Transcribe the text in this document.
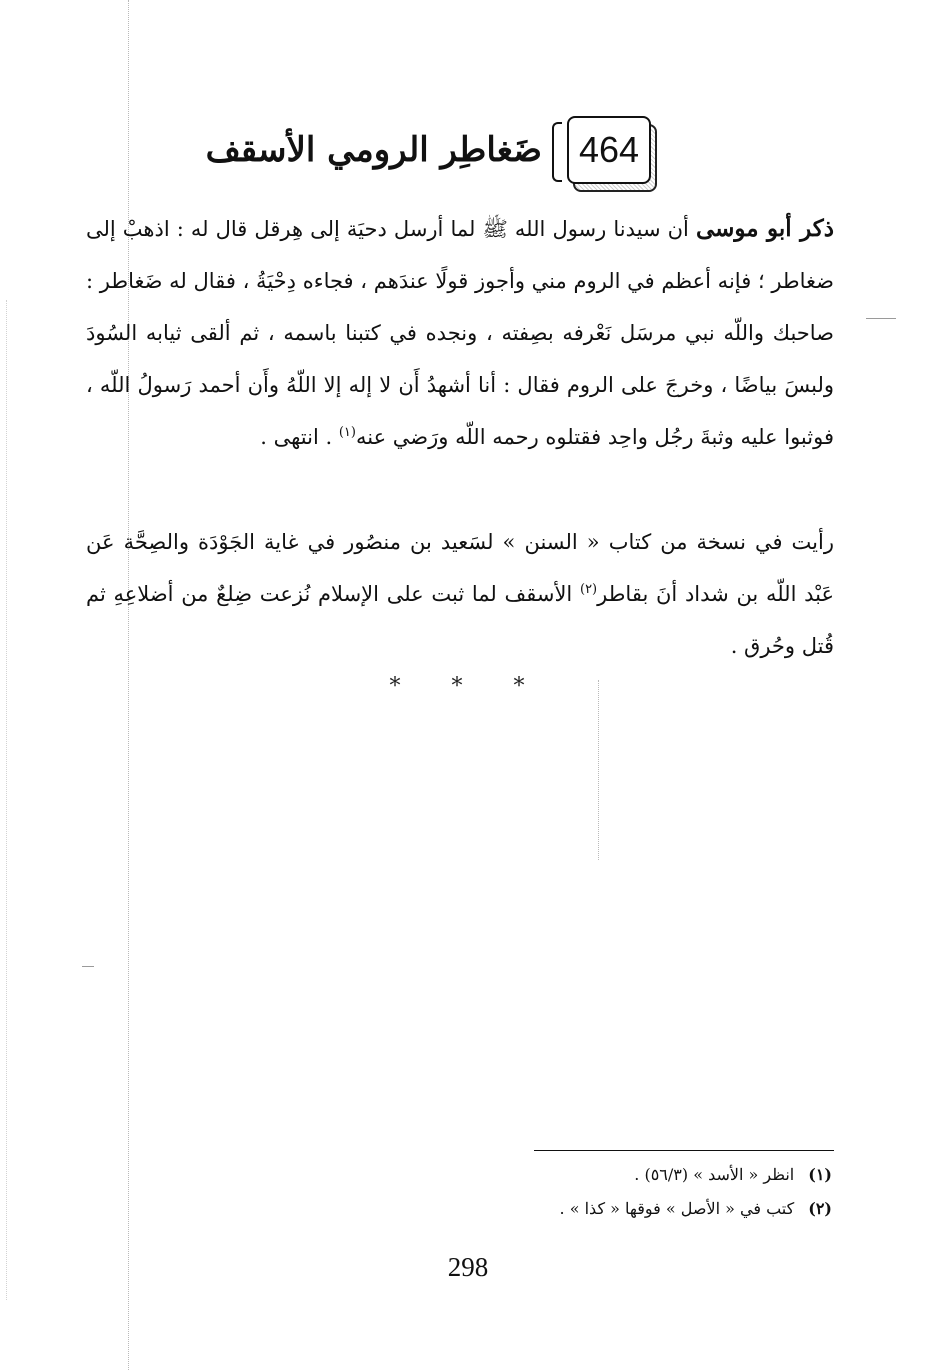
464
ضَغاطِر الرومي الأسقف
ذكر أبو موسى أن سيدنا رسول الله ﷺ لما أرسل دحيَة إلى هِرقل قال له : اذهبْ إلى ضغاطر ؛ فإنه أعظم في الروم مني وأجوز قولًا عندَهم ، فجاءه دِحْيَةُ ، فقال له ضَغاطر : صاحبك واللّه نبي مرسَل نَعْرفه بصِفته ، ونجده في كتبنا باسمه ، ثم ألقى ثيابه السُودَ ولبسَ بياضًا ، وخرجَ على الروم فقال : أنا أشهدُ أَن لا إله إلا اللّهُ وأَن أحمد رَسولُ اللّه ، فوثبوا عليه وثبةَ رجُل واحِد فقتلوه رحمه اللّه ورَضي عنه$^{(١)}$ . انتهى .
رأيت في نسخة من كتاب « السنن » لسَعيد بن منصُور في غاية الجَوْدَة والصِحَّة عَن عَبْد اللّه بن شداد أنَ بقاطر$^{(٢)}$ الأسقف لما ثبت على الإسلام نُزعت ضِلعٌ من أضلاعِهِ ثم قُتل وحُرق .
* * *
(١)انظر « الأسد » (٥٦/٣) .
(٢)كتب في « الأصل » فوقها « كذا » .
298
